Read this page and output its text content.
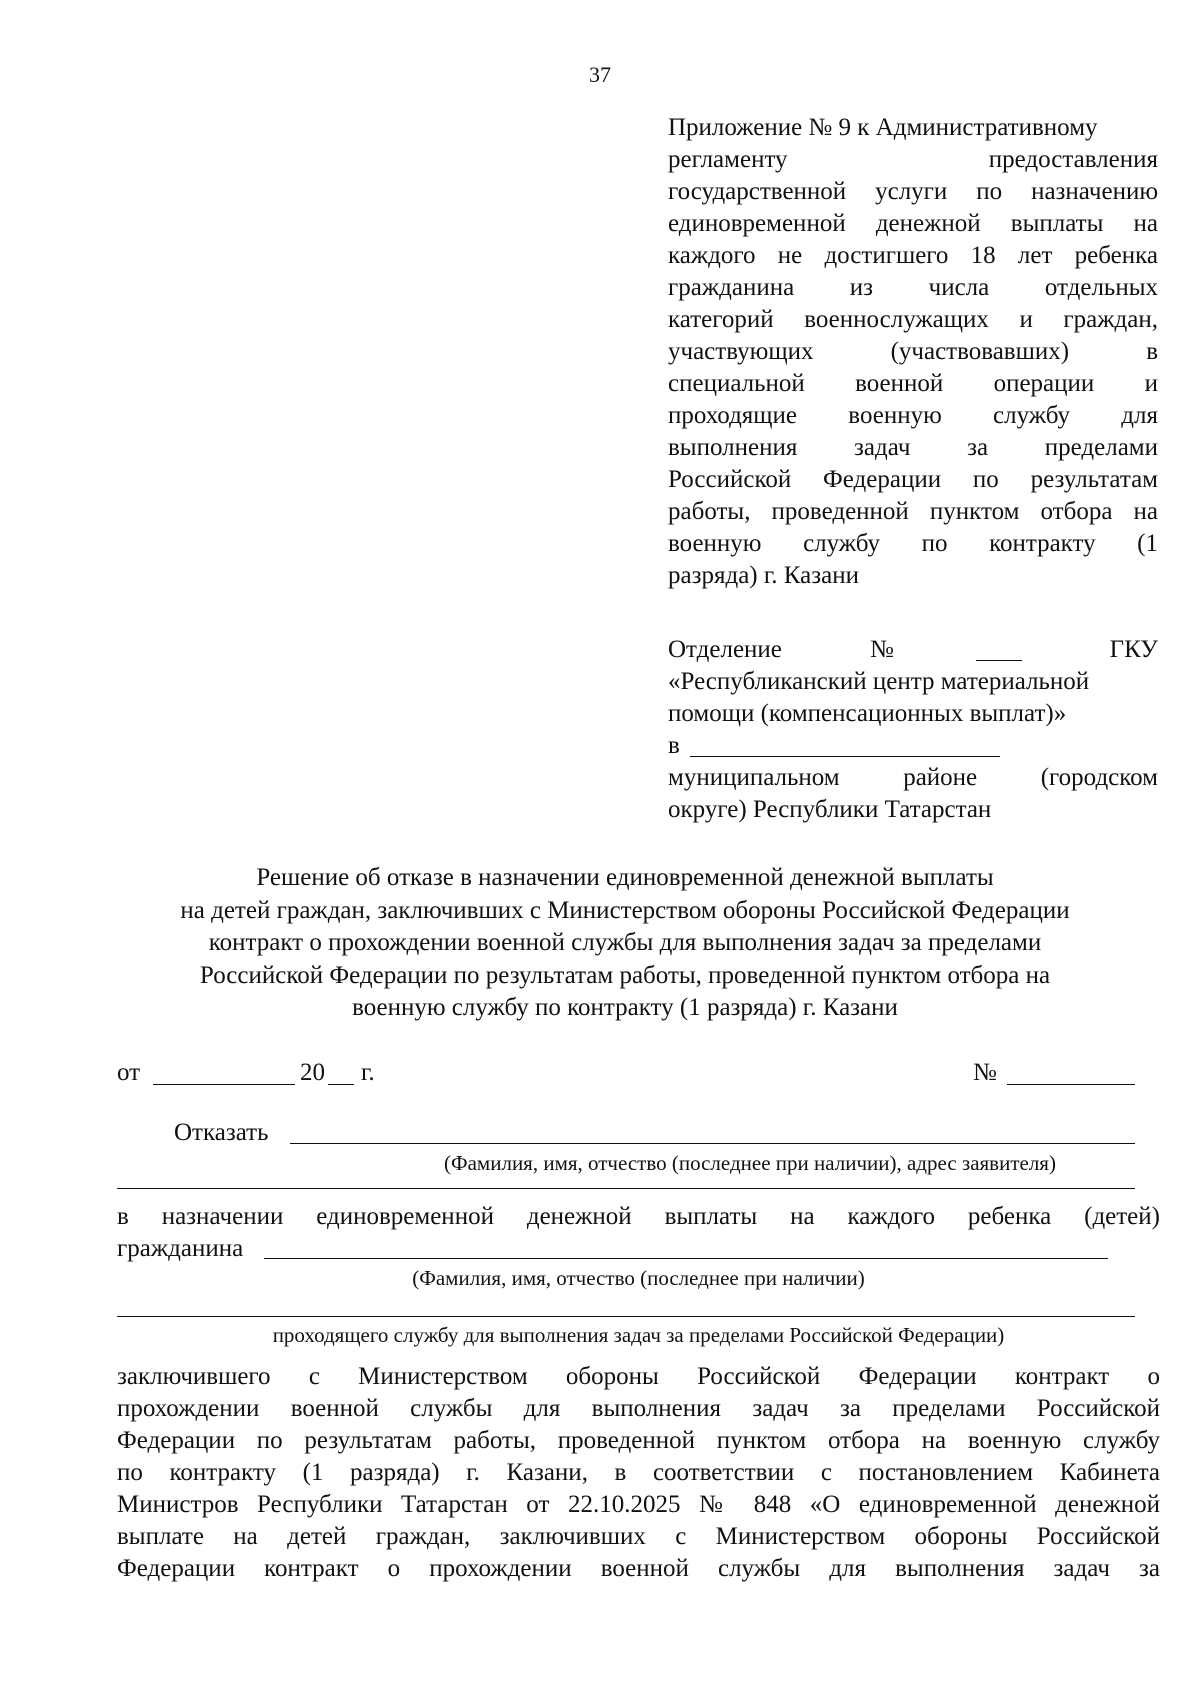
37
Приложение № 9 к Административному
регламенту предоставления
государственной услуги по назначению
единовременной денежной выплаты на
каждого не достигшего 18 лет ребенка
гражданина из числа отдельных
категорий военнослужащих и граждан,
участвующих (участвовавших) в
специальной военной операции и
проходящие военную службу для
выполнения задач за пределами
Российской Федерации по результатам
работы, проведенной пунктом отбора на
военную службу по контракту (1
разряда) г. Казани
Отделение	№	ГКУ
«Республиканский центр материальной
помощи (компенсационных выплат)»
в
муниципальном районе (городском
округе) Республики Татарстан
Решение об отказе в назначении единовременной денежной выплаты
на детей граждан, заключивших с Министерством обороны Российской Федерации
контракт о прохождении военной службы для выполнения задач за пределами
Российской Федерации по результатам работы, проведенной пунктом отбора на
военную службу по контракту (1 разряда) г. Казани
от	20 г.	№
Отказать
(Фамилия, имя, отчество (последнее при наличии), адрес заявителя)
в назначении единовременной денежной выплаты на каждого ребенка (детей)
гражданина
(Фамилия, имя, отчество (последнее при наличии)
проходящего службу для выполнения задач за пределами Российской Федерации)
заключившего с Министерством обороны Российской Федерации контракт о
прохождении военной службы для выполнения задач за пределами Российской
Федерации по результатам работы, проведенной пунктом отбора на военную службу
по контракту (1 разряда) г. Казани, в соответствии с постановлением Кабинета
Министров Республики Татарстан от 22.10.2025 № 848 «О единовременной денежной
выплате на детей граждан, заключивших с Министерством обороны Российской
Федерации контракт о прохождении военной службы для выполнения задач за
